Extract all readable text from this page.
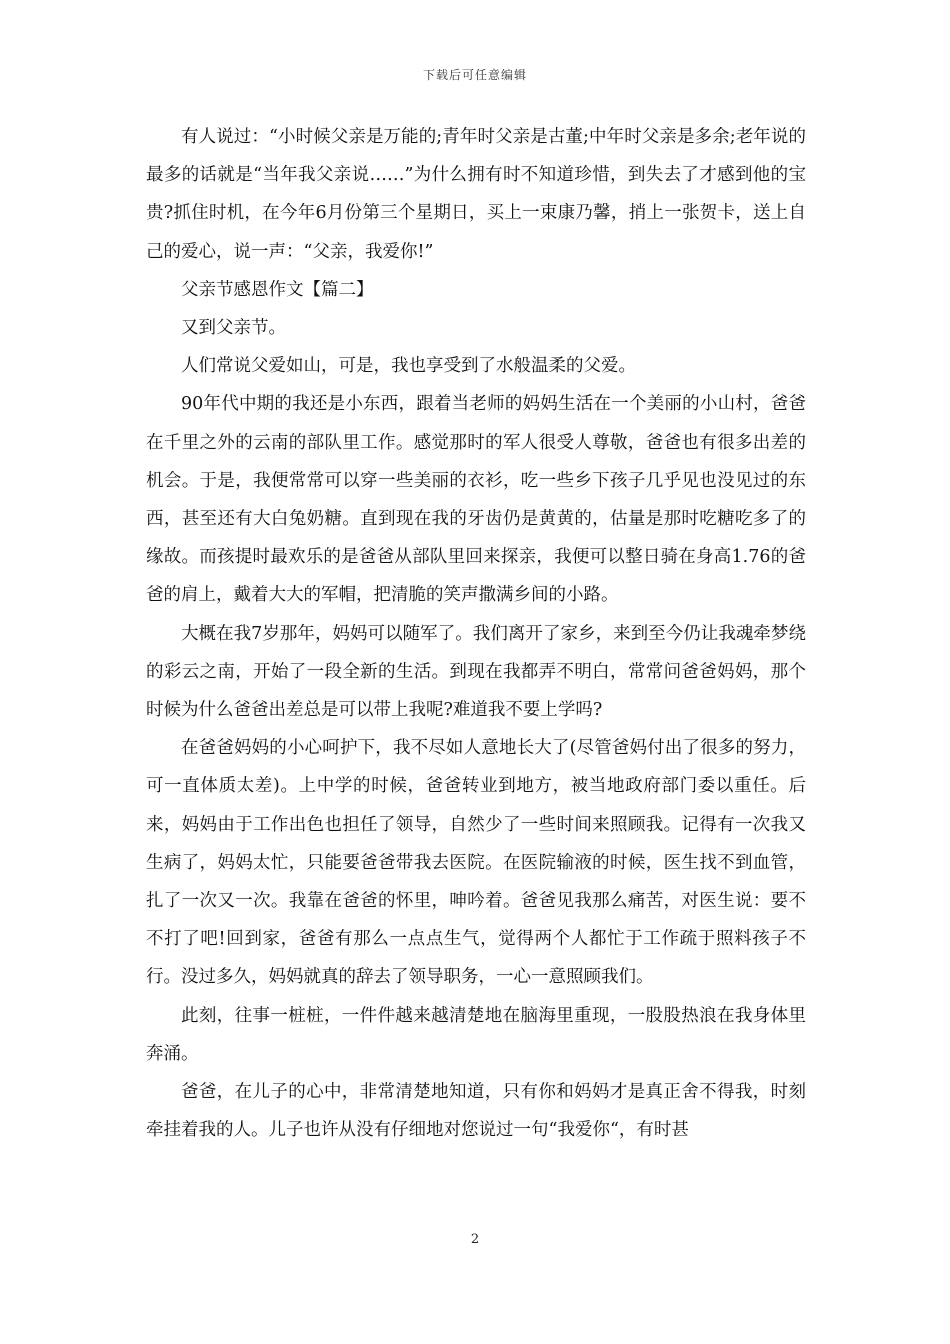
下载后可任意编辑

有人说过：“小时候父亲是万能的;青年时父亲是古董;中年时父亲是多余;老年说的最多的话就是“当年我父亲说……”为什么拥有时不知道珍惜，到失去了才感到他的宝贵?抓住时机，在今年6月份第三个星期日，买上一束康乃馨，捎上一张贺卡，送上自己的爱心，说一声：“父亲，我爱你!”

父亲节感恩作文【篇二】

又到父亲节。

人们常说父爱如山，可是，我也享受到了水般温柔的父爱。

90年代中期的我还是小东西，跟着当老师的妈妈生活在一个美丽的小山村，爸爸在千里之外的云南的部队里工作。感觉那时的军人很受人尊敬，爸爸也有很多出差的机会。于是，我便常常可以穿一些美丽的衣衫，吃一些乡下孩子几乎见也没见过的东西，甚至还有大白兔奶糖。直到现在我的牙齿仍是黄黄的，估量是那时吃糖吃多了的缘故。而孩提时最欢乐的是爸爸从部队里回来探亲，我便可以整日骑在身高1.76的爸爸的肩上，戴着大大的军帽，把清脆的笑声撒满乡间的小路。

大概在我7岁那年，妈妈可以随军了。我们离开了家乡，来到至今仍让我魂牵梦绕的彩云之南，开始了一段全新的生活。到现在我都弄不明白，常常问爸爸妈妈，那个时候为什么爸爸出差总是可以带上我呢?难道我不要上学吗?

在爸爸妈妈的小心呵护下，我不尽如人意地长大了(尽管爸妈付出了很多的努力，可一直体质太差)。上中学的时候，爸爸转业到地方，被当地政府部门委以重任。后来，妈妈由于工作出色也担任了领导，自然少了一些时间来照顾我。记得有一次我又生病了，妈妈太忙，只能要爸爸带我去医院。在医院输液的时候，医生找不到血管，扎了一次又一次。我靠在爸爸的怀里，呻吟着。爸爸见我那么痛苦，对医生说：要不不打了吧!回到家，爸爸有那么一点点生气，觉得两个人都忙于工作疏于照料孩子不行。没过多久，妈妈就真的辞去了领导职务，一心一意照顾我们。

此刻，往事一桩桩，一件件越来越清楚地在脑海里重现，一股股热浪在我身体里奔涌。

爸爸，在儿子的心中，非常清楚地知道，只有你和妈妈才是真正舍不得我，时刻牵挂着我的人。儿子也许从没有仔细地对您说过一句“我爱你“，有时甚

2
